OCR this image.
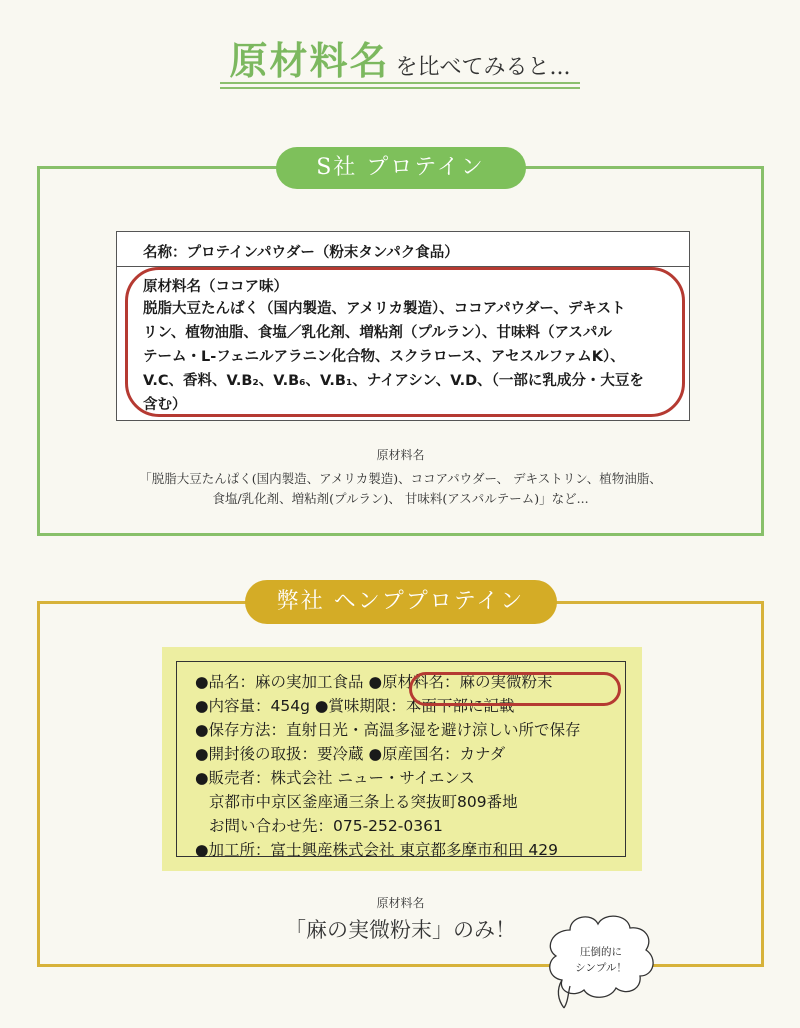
原材料名 を比べてみると...
S社 プロテイン
名称：プロテインパウダー（粉末タンパク食品）
原材料名（ココア味）
脱脂大豆たんぱく（国内製造、アメリカ製造）、ココアパウダー、デキスト
リン、植物油脂、食塩／乳化剤、増粘剤（プルラン）、甘味料（アスパル
テーム・L-フェニルアラニン化合物、スクラロース、アセスルファムK）、
V.C、香料、V.B₂、V.B₆、V.B₁、ナイアシン、V.D、（一部に乳成分・大豆を
含む）
原材料名
「脱脂大豆たんぱく(国内製造、アメリカ製造)、ココアパウダー、 デキストリン、植物油脂、
食塩/乳化剤、増粘剤(プルラン)、 甘味料(アスパルテーム)」など...
弊社 ヘンププロテイン
●品名：麻の実加工食品 ●原材料名：麻の実微粉末
●内容量：454g ●賞味期限：本面下部に記載
●保存方法：直射日光・高温多湿を避け涼しい所で保存
●開封後の取扱：要冷蔵 ●原産国名：カナダ
●販売者：株式会社 ニュー・サイエンス
京都市中京区釜座通三条上る突抜町809番地
お問い合わせ先：075-252-0361
●加工所：富士興産株式会社 東京都多摩市和田 429
原材料名
「麻の実微粉末」のみ！
圧倒的に
シンプル！
